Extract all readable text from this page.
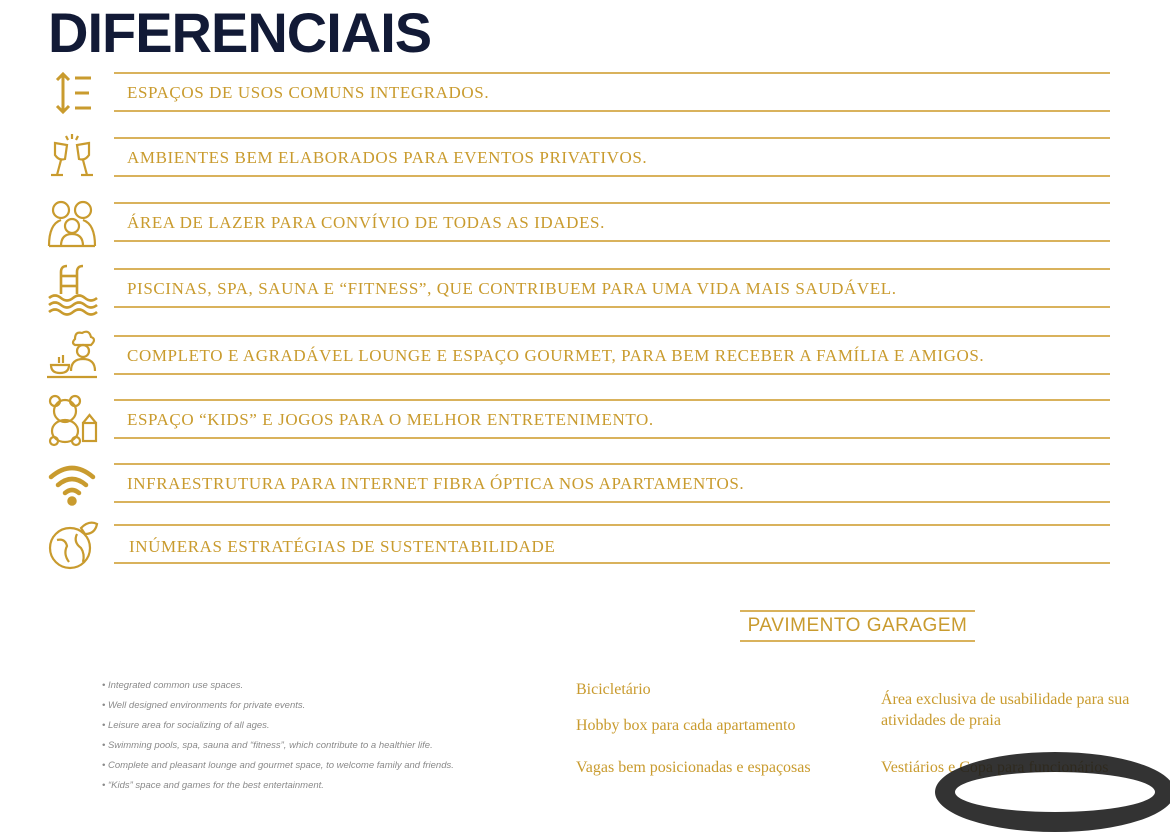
DIFERENCIAIS
ESPAÇOS DE USOS COMUNS INTEGRADOS.
AMBIENTES BEM ELABORADOS PARA EVENTOS PRIVATIVOS.
ÁREA DE LAZER PARA CONVÍVIO DE TODAS AS IDADES.
PISCINAS, SPA, SAUNA E “FITNESS”, QUE CONTRIBUEM PARA UMA VIDA MAIS SAUDÁVEL.
COMPLETO E AGRADÁVEL LOUNGE E ESPAÇO GOURMET, PARA BEM RECEBER A FAMÍLIA E AMIGOS.
ESPAÇO “KIDS” E JOGOS PARA O MELHOR ENTRETENIMENTO.
INFRAESTRUTURA PARA INTERNET FIBRA ÓPTICA NOS APARTAMENTOS.
INÚMERAS ESTRATÉGIAS DE SUSTENTABILIDADE
PAVIMENTO GARAGEM
• Integrated common use spaces.
• Well designed environments for private events.
• Leisure area for socializing of all ages.
• Swimming pools, spa, sauna and “fitness”, which contribute to a healthier life.
• Complete and pleasant lounge and gourmet space, to welcome family and friends.
• “Kids” space and games for the best entertainment.
Bicicletário
Hobby box para cada apartamento
Vagas bem posicionadas e espaçosas
Área exclusiva de usabilidade para sua atividades de praia
Vestiários e Copa para funcionários
